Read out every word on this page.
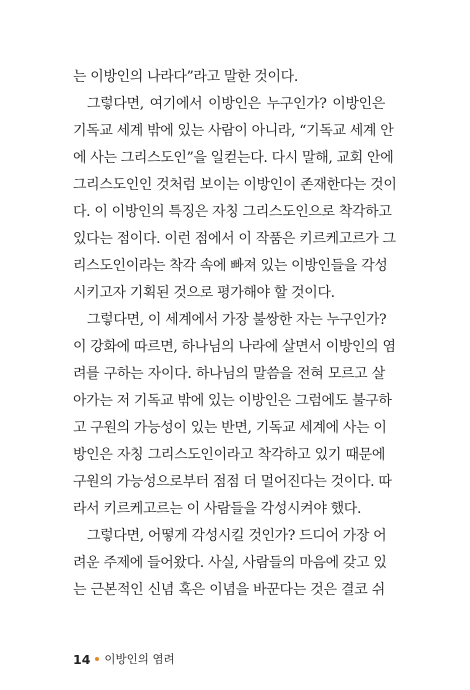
는 이방인의 나라다”라고 말한 것이다.
그렇다면, 여기에서 이방인은 누구인가? 이방인은
기독교 세계 밖에 있는 사람이 아니라, “기독교 세계 안
에 사는 그리스도인”을 일컫는다. 다시 말해, 교회 안에
그리스도인인 것처럼 보이는 이방인이 존재한다는 것이
다. 이 이방인의 특징은 자칭 그리스도인으로 착각하고
있다는 점이다. 이런 점에서 이 작품은 키르케고르가 그
리스도인이라는 착각 속에 빠져 있는 이방인들을 각성
시키고자 기획된 것으로 평가해야 할 것이다.
그렇다면, 이 세계에서 가장 불쌍한 자는 누구인가?
이 강화에 따르면, 하나님의 나라에 살면서 이방인의 염
려를 구하는 자이다. 하나님의 말씀을 전혀 모르고 살
아가는 저 기독교 밖에 있는 이방인은 그럼에도 불구하
고 구원의 가능성이 있는 반면, 기독교 세계에 사는 이
방인은 자칭 그리스도인이라고 착각하고 있기 때문에
구원의 가능성으로부터 점점 더 멀어진다는 것이다. 따
라서 키르케고르는 이 사람들을 각성시켜야 했다.
그렇다면, 어떻게 각성시킬 것인가? 드디어 가장 어
려운 주제에 들어왔다. 사실, 사람들의 마음에 갖고 있
는 근본적인 신념 혹은 이념을 바꾼다는 것은 결코 쉬
14 이방인의 염려
